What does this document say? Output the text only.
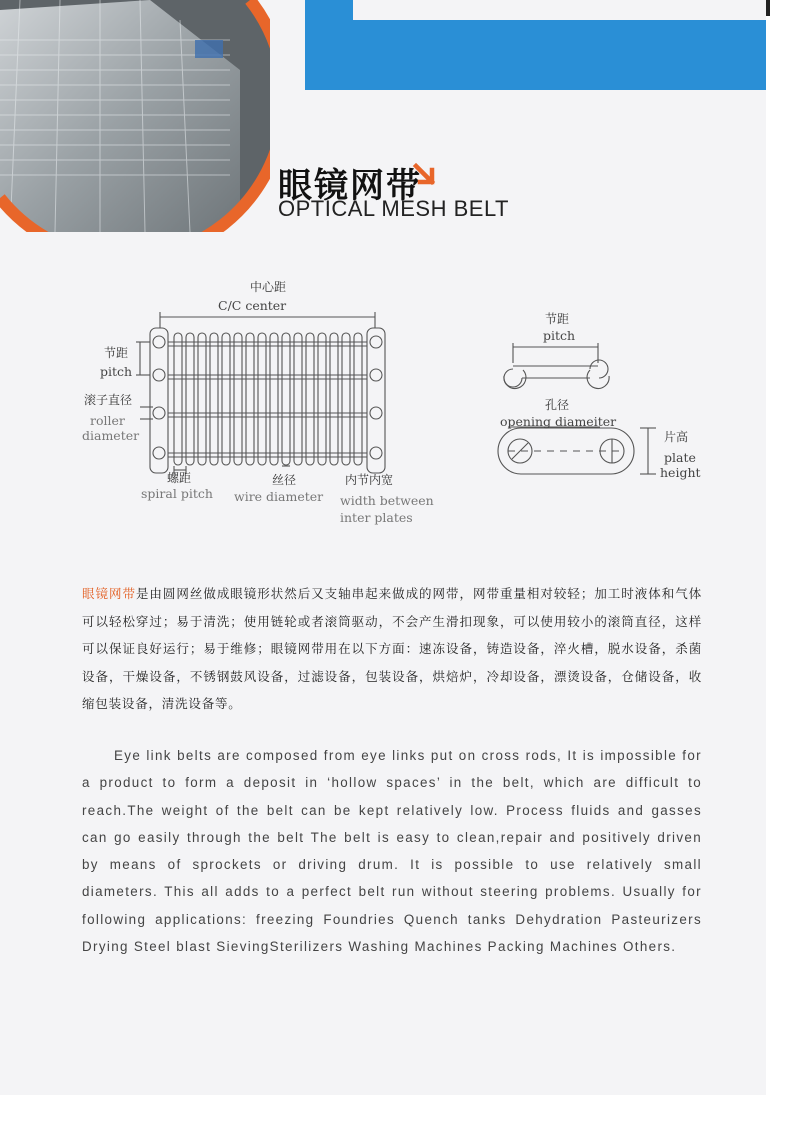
眼镜网带
OPTICAL MESH BELT
中心距
C/C center
节距
pitch
滚子直径
roller
diameter
螺距
spiral pitch
丝径
wire diameter
内节内宽
width between
inter plates
节距
pitch
孔径
opening diameiter
片高
plate
height
眼镜网带是由圆网丝做成眼镜形状然后又支轴串起来做成的网带，网带重量相对较轻；加工时液体和气体可以轻松穿过；易于清洗；使用链轮或者滚筒驱动，不会产生滑扣现象，可以使用较小的滚筒直径，这样可以保证良好运行；易于维修；眼镜网带用在以下方面：速冻设备，铸造设备，淬火槽，脱水设备，杀菌设备，干燥设备，不锈钢鼓风设备，过滤设备，包装设备，烘焙炉，冷却设备，漂烫设备，仓储设备，收缩包装设备，清洗设备等。
Eye link belts are composed from eye links put on cross rods, It is impossible for a product to form a deposit in ‘hollow spaces’ in the belt, which are difficult to reach.The weight of the belt can be kept relatively low. Process fluids and gasses can go easily through the belt The belt is easy to clean,repair and positively driven by means of sprockets or driving drum. It is possible to use relatively small diameters. This all adds to a perfect belt run without steering problems. Usually for following applications: freezing Foundries Quench tanks Dehydration Pasteurizers Drying Steel blast SievingSterilizers Washing Machines Packing Machines Others.
